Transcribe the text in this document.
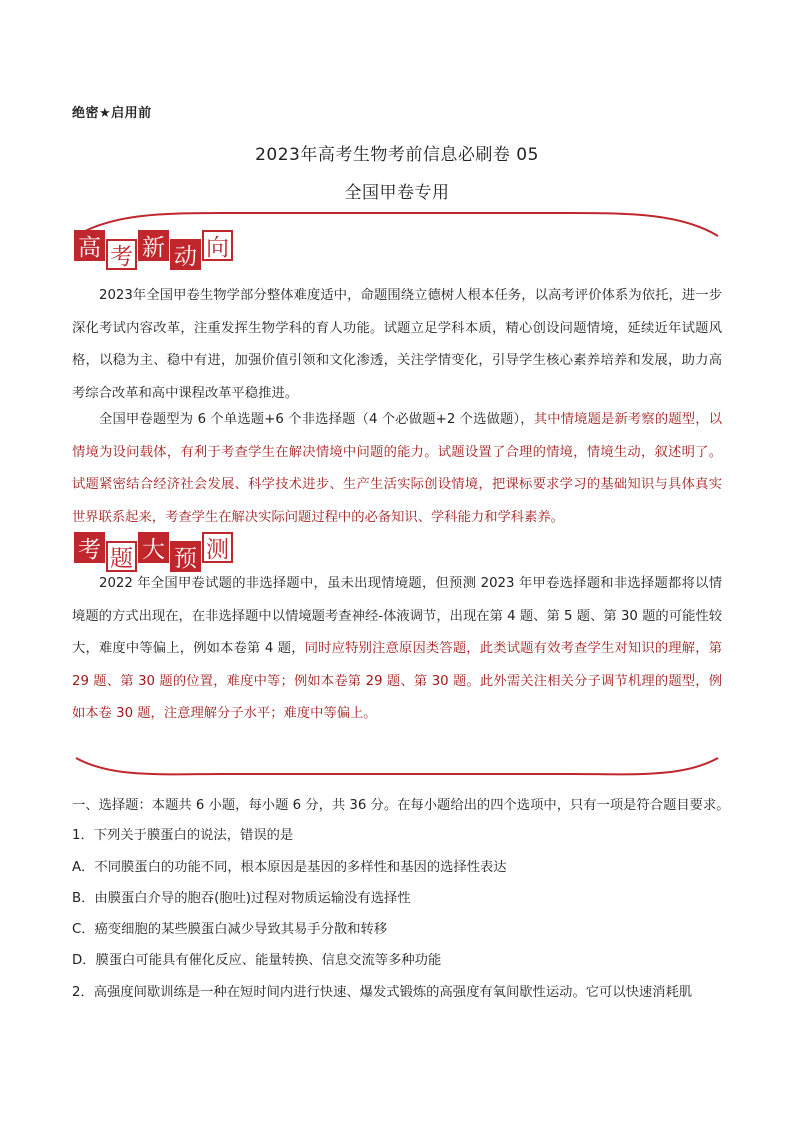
绝密★启用前
2023年高考生物考前信息必刷卷 05
全国甲卷专用
高 考 新 动 向
2023年全国甲卷生物学部分整体难度适中，命题围绕立德树人根本任务，以高考评价体系为依托，进一步深化考试内容改革，注重发挥生物学科的育人功能。试题立足学科本质，精心创设问题情境，延续近年试题风格，以稳为主、稳中有进，加强价值引领和文化渗透，关注学情变化，引导学生核心素养培养和发展，助力高考综合改革和高中课程改革平稳推进。
全国甲卷题型为 6 个单选题+6 个非选择题（4 个必做题+2 个选做题），其中情境题是新考察的题型，以情境为设问载体，有利于考查学生在解决情境中问题的能力。试题设置了合理的情境，情境生动，叙述明了。试题紧密结合经济社会发展、科学技术进步、生产生活实际创设情境，把课标要求学习的基础知识与具体真实世界联系起来，考查学生在解决实际问题过程中的必备知识、学科能力和学科素养。
考 题 大 预 测
2022 年全国甲卷试题的非选择题中，虽未出现情境题，但预测 2023 年甲卷选择题和非选择题都将以情境题的方式出现在，在非选择题中以情境题考查神经-体液调节，出现在第 4 题、第 5 题、第 30 题的可能性较大，难度中等偏上，例如本卷第 4 题，同时应特别注意原因类答题，此类试题有效考查学生对知识的理解，第 29 题、第 30 题的位置，难度中等；例如本卷第 29 题、第 30 题。此外需关注相关分子调节机理的题型，例如本卷 30 题，注意理解分子水平；难度中等偏上。
一、选择题：本题共 6 小题，每小题 6 分，共 36 分。在每小题给出的四个选项中，只有一项是符合题目要求。
1．下列关于膜蛋白的说法，错误的是
A．不同膜蛋白的功能不同，根本原因是基因的多样性和基因的选择性表达
B．由膜蛋白介导的胞吞(胞吐)过程对物质运输没有选择性
C．癌变细胞的某些膜蛋白减少导致其易手分散和转移
D．膜蛋白可能具有催化反应、能量转换、信息交流等多种功能
2．高强度间歇训练是一种在短时间内进行快速、爆发式锻炼的高强度有氧间歇性运动。它可以快速消耗肌
